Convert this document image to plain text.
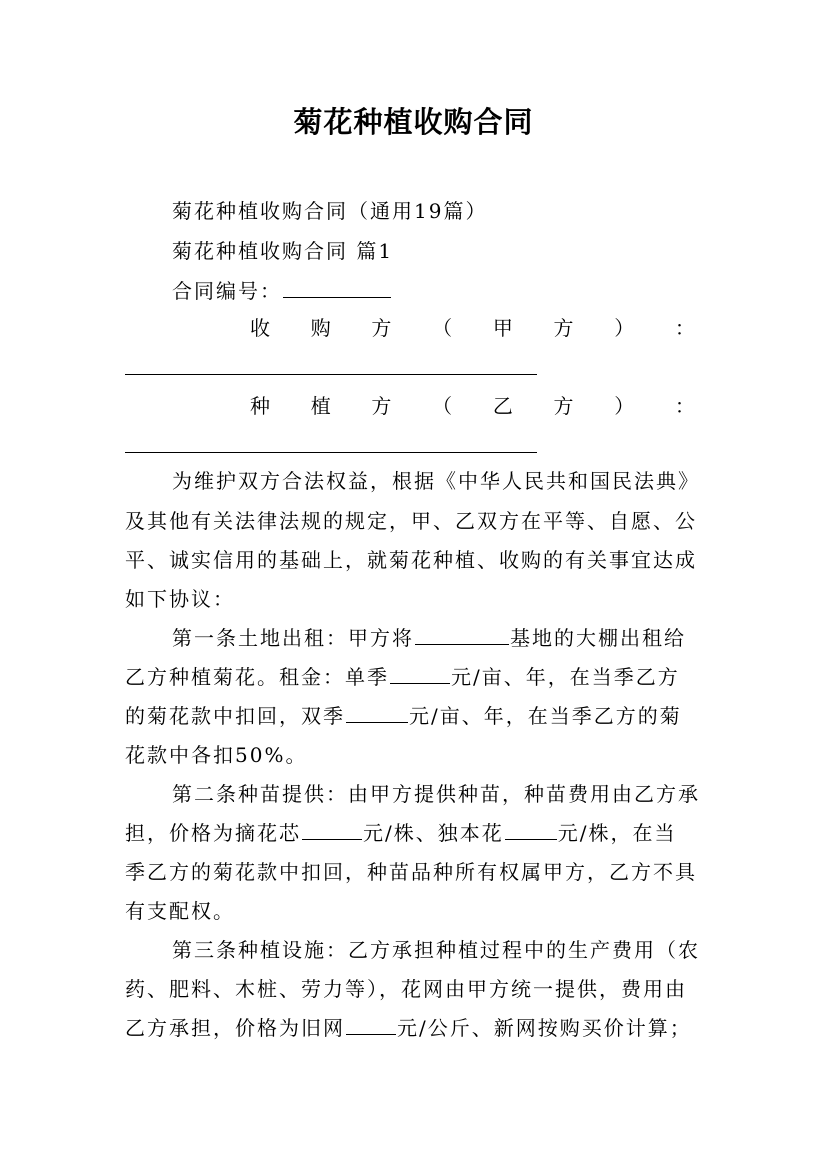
菊花种植收购合同
菊花种植收购合同（通用19篇）
菊花种植收购合同 篇1
合同编号：
收 购 方 （ 甲 方 ） ：
种 植 方 （ 乙 方 ） ：
为维护双方合法权益，根据《中华人民共和国民法典》
及其他有关法律法规的规定，甲、乙双方在平等、自愿、公
平、诚实信用的基础上，就菊花种植、收购的有关事宜达成
如下协议：
第一条土地出租：甲方将	基地的大棚出租给
乙方种植菊花。租金：单季	元/亩、年，在当季乙方
的菊花款中扣回，双季	元/亩、年，在当季乙方的菊
花款中各扣50%。
第二条种苗提供：由甲方提供种苗，种苗费用由乙方承
担，价格为摘花芯	元/株、独本花	元/株，在当
季乙方的菊花款中扣回，种苗品种所有权属甲方，乙方不具
有支配权。
第三条种植设施：乙方承担种植过程中的生产费用（农
药、肥料、木桩、劳力等），花网由甲方统一提供，费用由
乙方承担，价格为旧网	元/公斤、新网按购买价计算；
